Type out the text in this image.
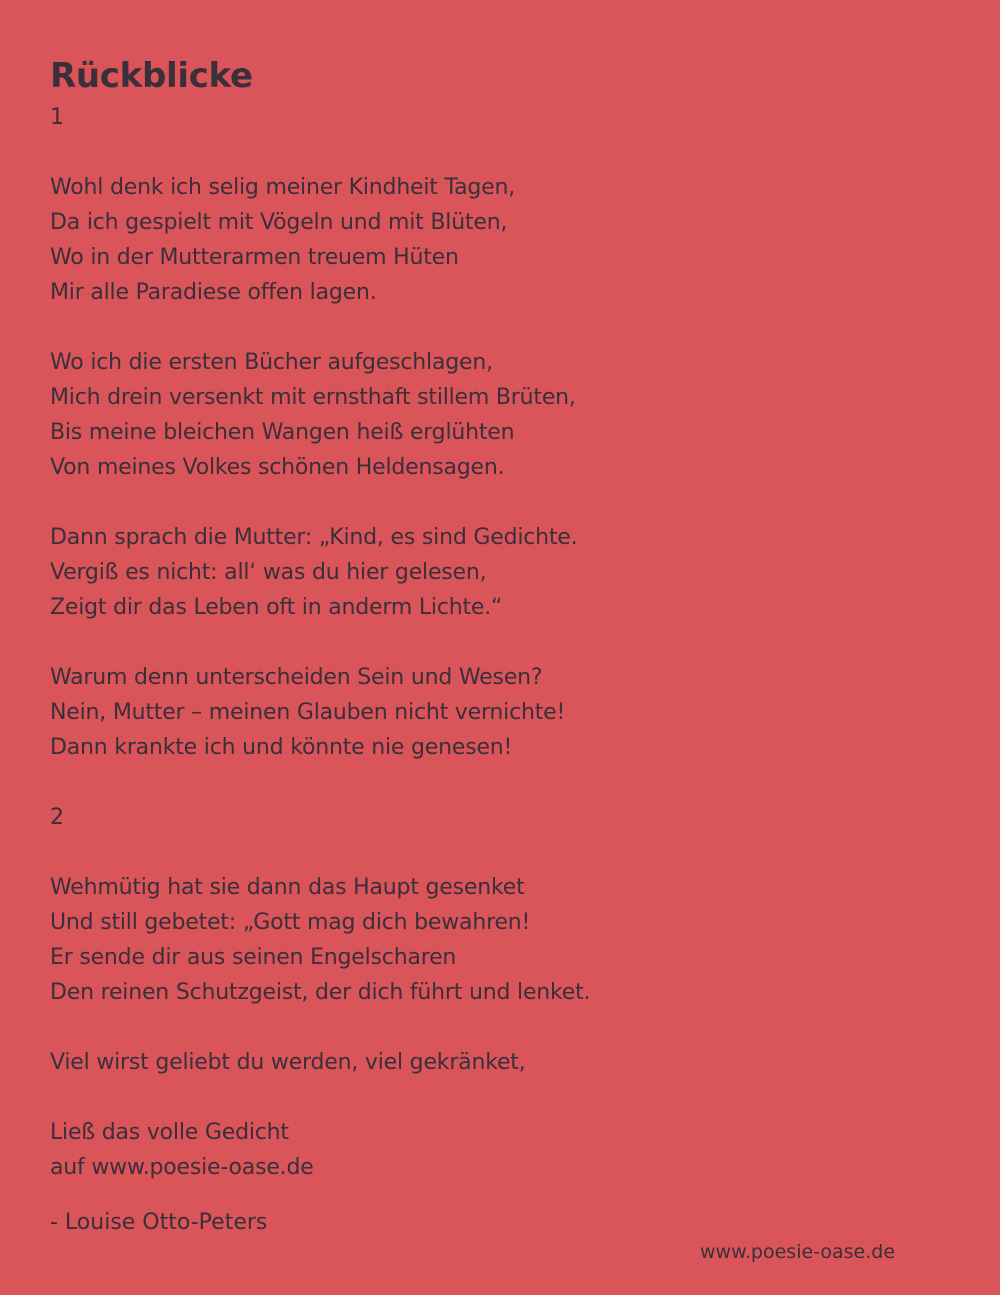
Rückblicke
1
Wohl denk ich selig meiner Kindheit Tagen,
Da ich gespielt mit Vögeln und mit Blüten,
Wo in der Mutterarmen treuem Hüten
Mir alle Paradiese offen lagen.
Wo ich die ersten Bücher aufgeschlagen,
Mich drein versenkt mit ernsthaft stillem Brüten,
Bis meine bleichen Wangen heiß erglühten
Von meines Volkes schönen Heldensagen.
Dann sprach die Mutter: „Kind, es sind Gedichte.
Vergiß es nicht: all‘ was du hier gelesen,
Zeigt dir das Leben oft in anderm Lichte.“
Warum denn unterscheiden Sein und Wesen?
Nein, Mutter – meinen Glauben nicht vernichte!
Dann krankte ich und könnte nie genesen!
2
Wehmütig hat sie dann das Haupt gesenket
Und still gebetet: „Gott mag dich bewahren!
Er sende dir aus seinen Engelscharen
Den reinen Schutzgeist, der dich führt und lenket.
Viel wirst geliebt du werden, viel gekränket,
Ließ das volle Gedicht
auf www.poesie-oase.de
- Louise Otto-Peters
www.poesie-oase.de
